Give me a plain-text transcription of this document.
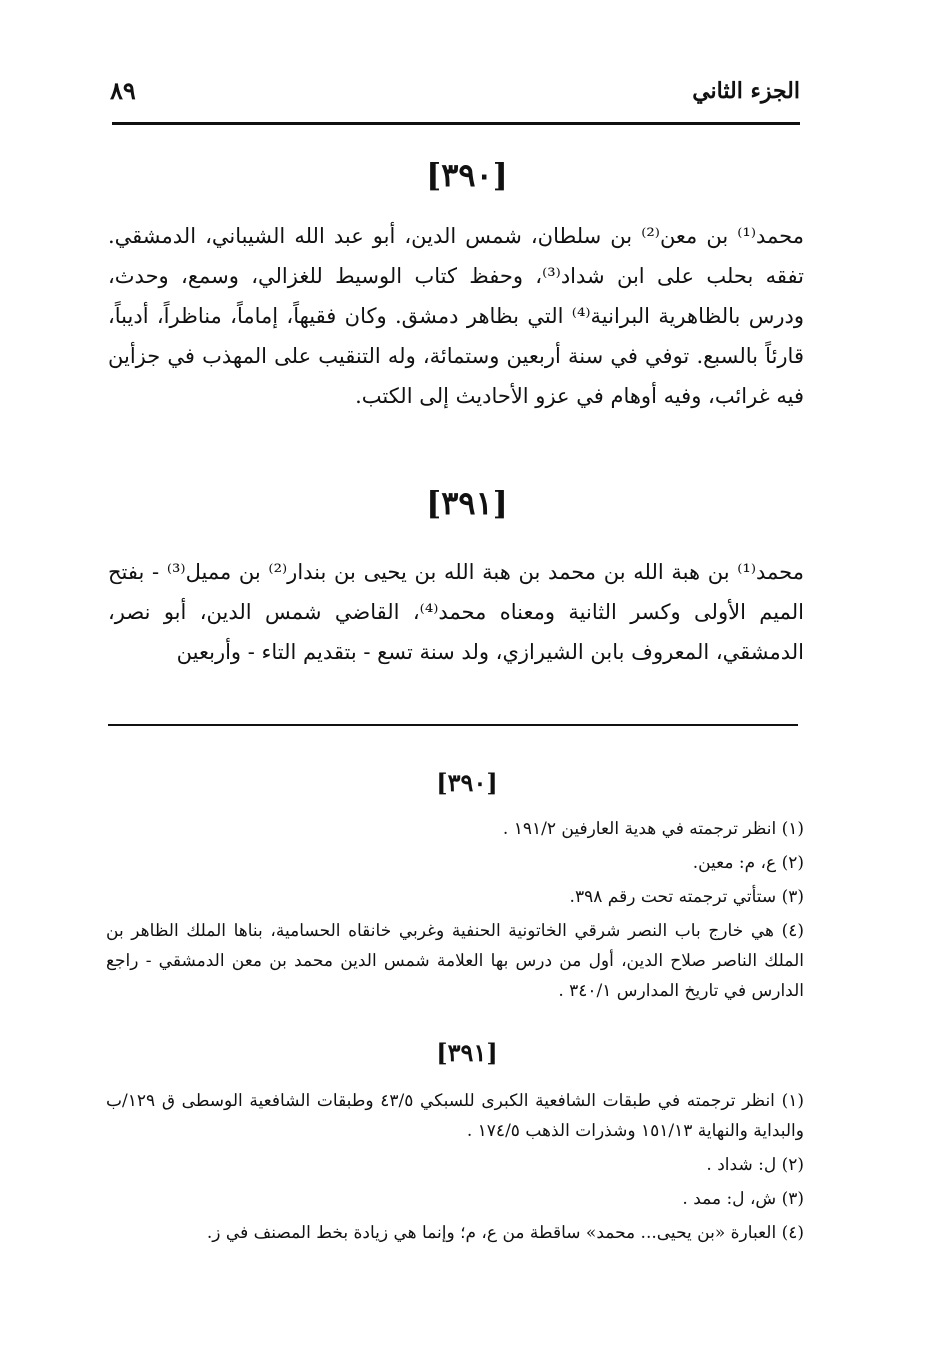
الجزء الثاني
٨٩
[٣٩٠]

محمد⁽¹⁾ بن معن⁽²⁾ بن سلطان، شمس الدين، أبو عبد الله الشيباني، الدمشقي. تفقه بحلب على ابن شداد⁽³⁾، وحفظ كتاب الوسيط للغزالي، وسمع، وحدث، ودرس بالظاهرية البرانية⁽⁴⁾ التي بظاهر دمشق. وكان فقيهاً، إماماً، مناظراً، أديباً، قارئاً بالسبع. توفي في سنة أربعين وستمائة، وله التنقيب على المهذب في جزأين فيه غرائب، وفيه أوهام في عزو الأحاديث إلى الكتب.

[٣٩١]

محمد⁽¹⁾ بن هبة الله بن محمد بن هبة الله بن يحيى بن بندار⁽²⁾ بن مميل⁽³⁾ - بفتح الميم الأولى وكسر الثانية ومعناه محمد⁽⁴⁾، القاضي شمس الدين، أبو نصر، الدمشقي، المعروف بابن الشيرازي، ولد سنة تسع - بتقديم التاء - وأربعين

[٣٩٠]
(١) انظر ترجمته في هدية العارفين ١٩١/٢ .
(٢) ع، م: معين.
(٣) ستأتي ترجمته تحت رقم ٣٩٨.
(٤) هي خارج باب النصر شرقي الخاتونية الحنفية وغربي خانقاه الحسامية، بناها الملك الظاهر بن الملك الناصر صلاح الدين، أول من درس بها العلامة شمس الدين محمد بن معن الدمشقي - راجع الدارس في تاريخ المدارس ٣٤٠/١ .
[٣٩١]
(١) انظر ترجمته في طبقات الشافعية الكبرى للسبكي ٤٣/٥ وطبقات الشافعية الوسطى ق ١٢٩/ب والبداية والنهاية ١٥١/١٣ وشذرات الذهب ١٧٤/٥ .
(٢) ل: شداد .
(٣) ش، ل: ممد .
(٤) العبارة «بن يحيى... محمد» ساقطة من ع، م؛ وإنما هي زيادة بخط المصنف في ز.
